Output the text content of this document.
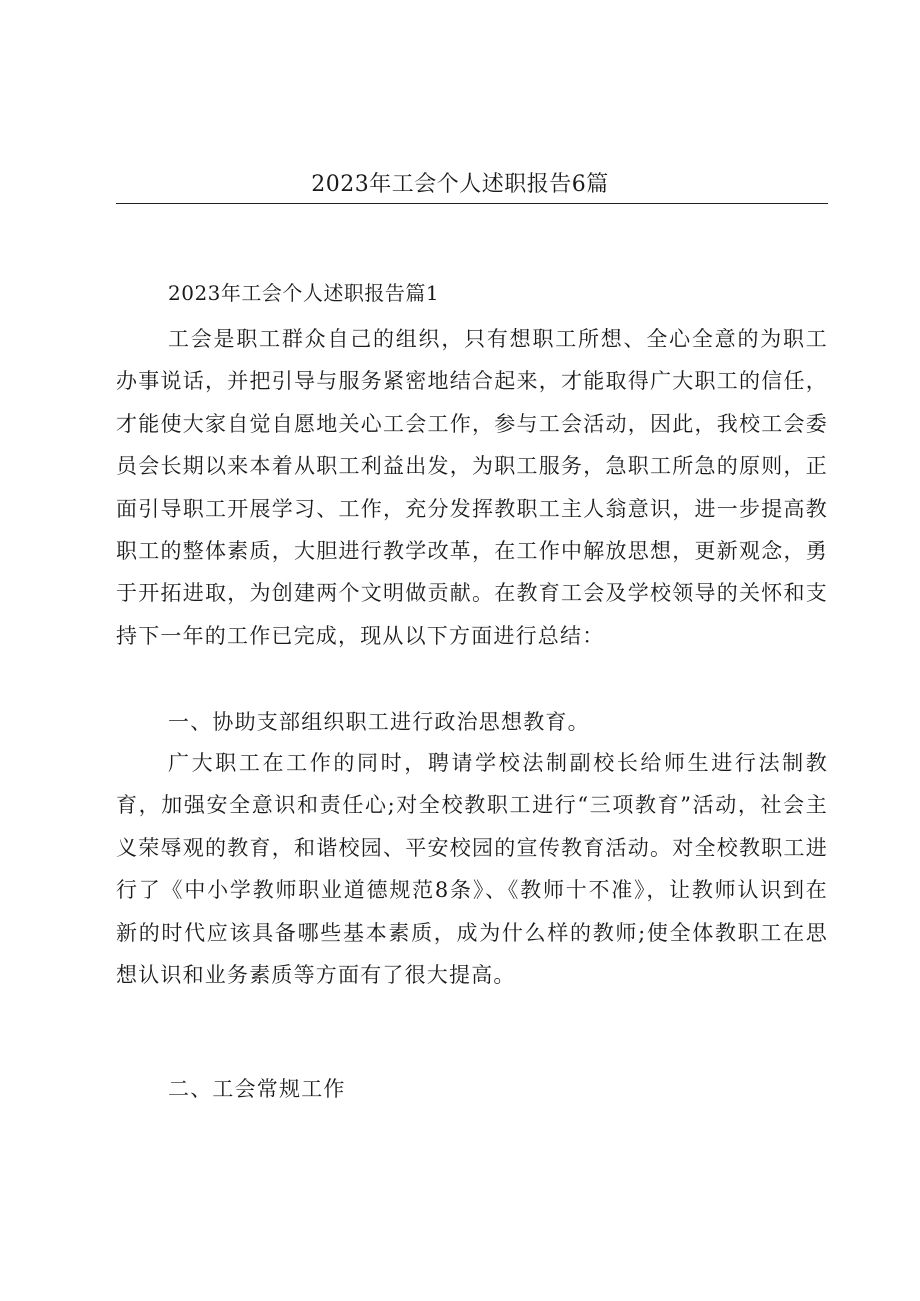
2023年工会个人述职报告6篇
2023年工会个人述职报告篇1

工会是职工群众自己的组织，只有想职工所想、全心全意的为职工办事说话，并把引导与服务紧密地结合起来，才能取得广大职工的信任，才能使大家自觉自愿地关心工会工作，参与工会活动，因此，我校工会委员会长期以来本着从职工利益出发，为职工服务，急职工所急的原则，正面引导职工开展学习、工作，充分发挥教职工主人翁意识，进一步提高教职工的整体素质，大胆进行教学改革，在工作中解放思想，更新观念，勇于开拓进取，为创建两个文明做贡献。在教育工会及学校领导的关怀和支持下一年的工作已完成，现从以下方面进行总结：

一、协助支部组织职工进行政治思想教育。

广大职工在工作的同时，聘请学校法制副校长给师生进行法制教育，加强安全意识和责任心;对全校教职工进行“三项教育”活动，社会主义荣辱观的教育，和谐校园、平安校园的宣传教育活动。对全校教职工进行了《中小学教师职业道德规范8条》、《教师十不准》，让教师认识到在新的时代应该具备哪些基本素质，成为什么样的教师;使全体教职工在思想认识和业务素质等方面有了很大提高。

二、工会常规工作
